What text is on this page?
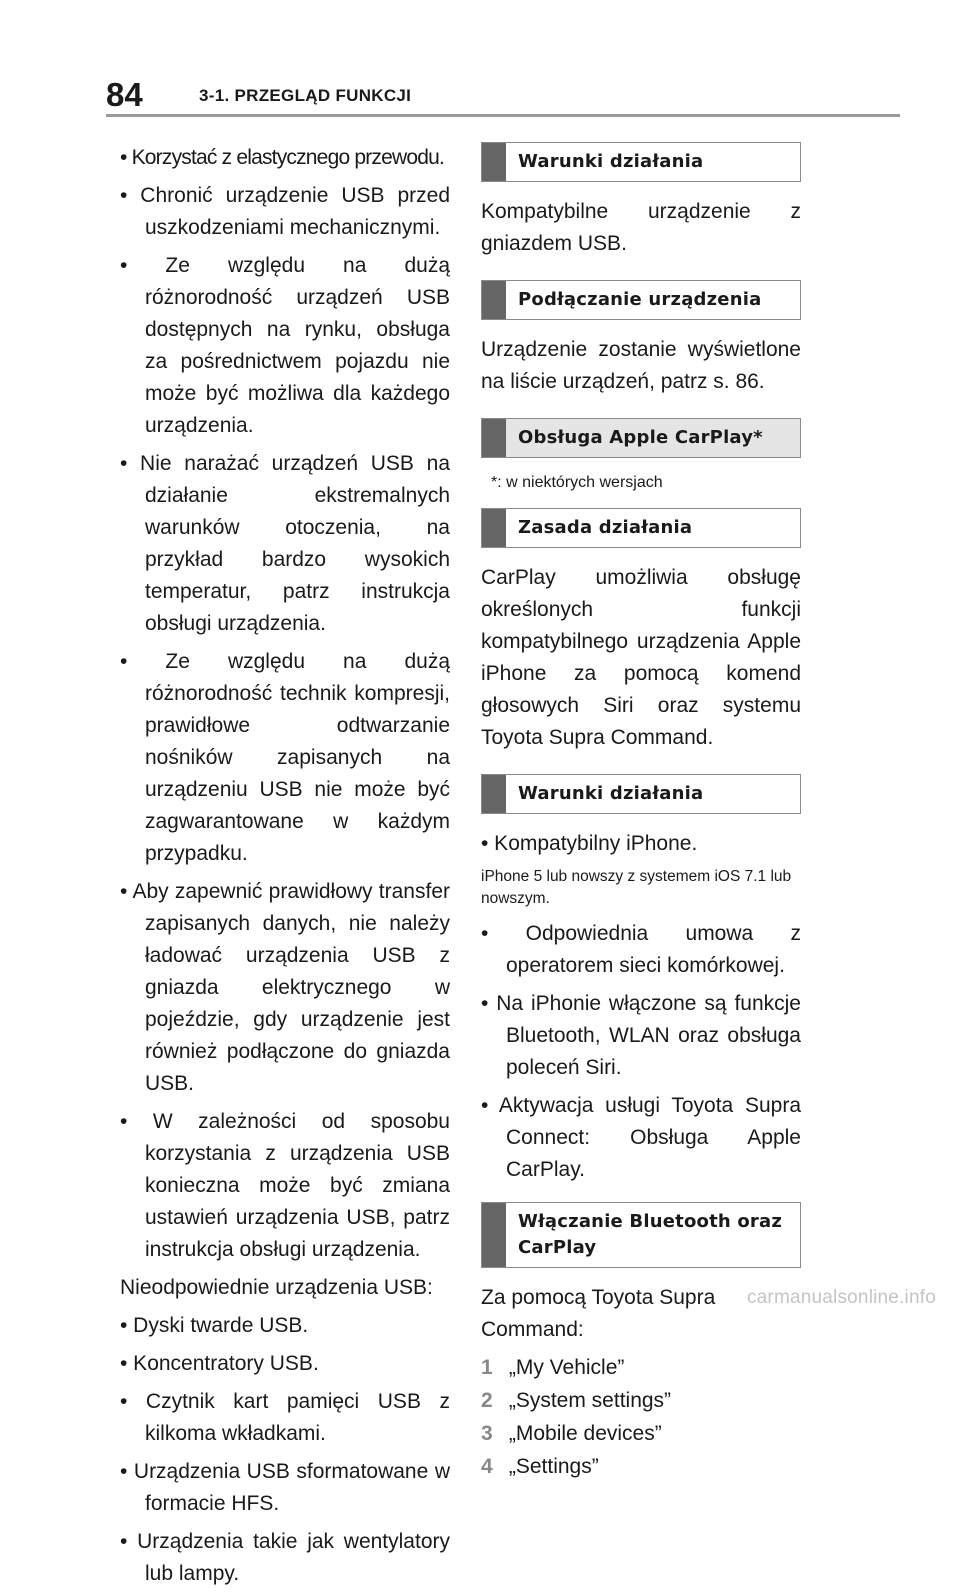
84	3-1. PRZEGLĄD FUNKCJI

• Korzystać z elastycznego przewodu.

• Chronić urządzenie USB przed uszkodzeniami mechanicznymi.

• Ze względu na dużą różnorodność urządzeń USB dostępnych na rynku, obsługa za pośrednictwem pojazdu nie może być możliwa dla każdego urządzenia.

• Nie narażać urządzeń USB na działanie ekstremalnych warunków otoczenia, na przykład bardzo wysokich temperatur, patrz instrukcja obsługi urządzenia.

• Ze względu na dużą różnorodność technik kompresji, prawidłowe odtwarzanie nośników zapisanych na urządzeniu USB nie może być zagwarantowane w każdym przypadku.

• Aby zapewnić prawidłowy transfer zapisanych danych, nie należy ładować urządzenia USB z gniazda elektrycznego w pojeździe, gdy urządzenie jest również podłączone do gniazda USB.

• W zależności od sposobu korzystania z urządzenia USB konieczna może być zmiana ustawień urządzenia USB, patrz instrukcja obsługi urządzenia.

Nieodpowiednie urządzenia USB:

• Dyski twarde USB.

• Koncentratory USB.

• Czytnik kart pamięci USB z kilkoma wkładkami.

• Urządzenia USB sformatowane w formacie HFS.

• Urządzenia takie jak wentylatory lub lampy.

Warunki działania

Kompatybilne urządzenie z gniazdem USB.

Podłączanie urządzenia

Urządzenie zostanie wyświetlone na liście urządzeń, patrz s. 86.

Obsługa Apple CarPlay*

*: w niektórych wersjach

Zasada działania

CarPlay umożliwia obsługę określonych funkcji kompatybilnego urządzenia Apple iPhone za pomocą komend głosowych Siri oraz systemu Toyota Supra Command.

Warunki działania

• Kompatybilny iPhone.

iPhone 5 lub nowszy z systemem iOS 7.1 lub nowszym.

• Odpowiednia umowa z operatorem sieci komórkowej.

• Na iPhonie włączone są funkcje Bluetooth, WLAN oraz obsługa poleceń Siri.

• Aktywacja usługi Toyota Supra Connect: Obsługa Apple CarPlay.

Włączanie Bluetooth oraz CarPlay

Za pomocą Toyota Supra Command:

1 „My Vehicle”

2 „System settings”

3 „Mobile devices”

4 „Settings”

carmanualsonline.info
